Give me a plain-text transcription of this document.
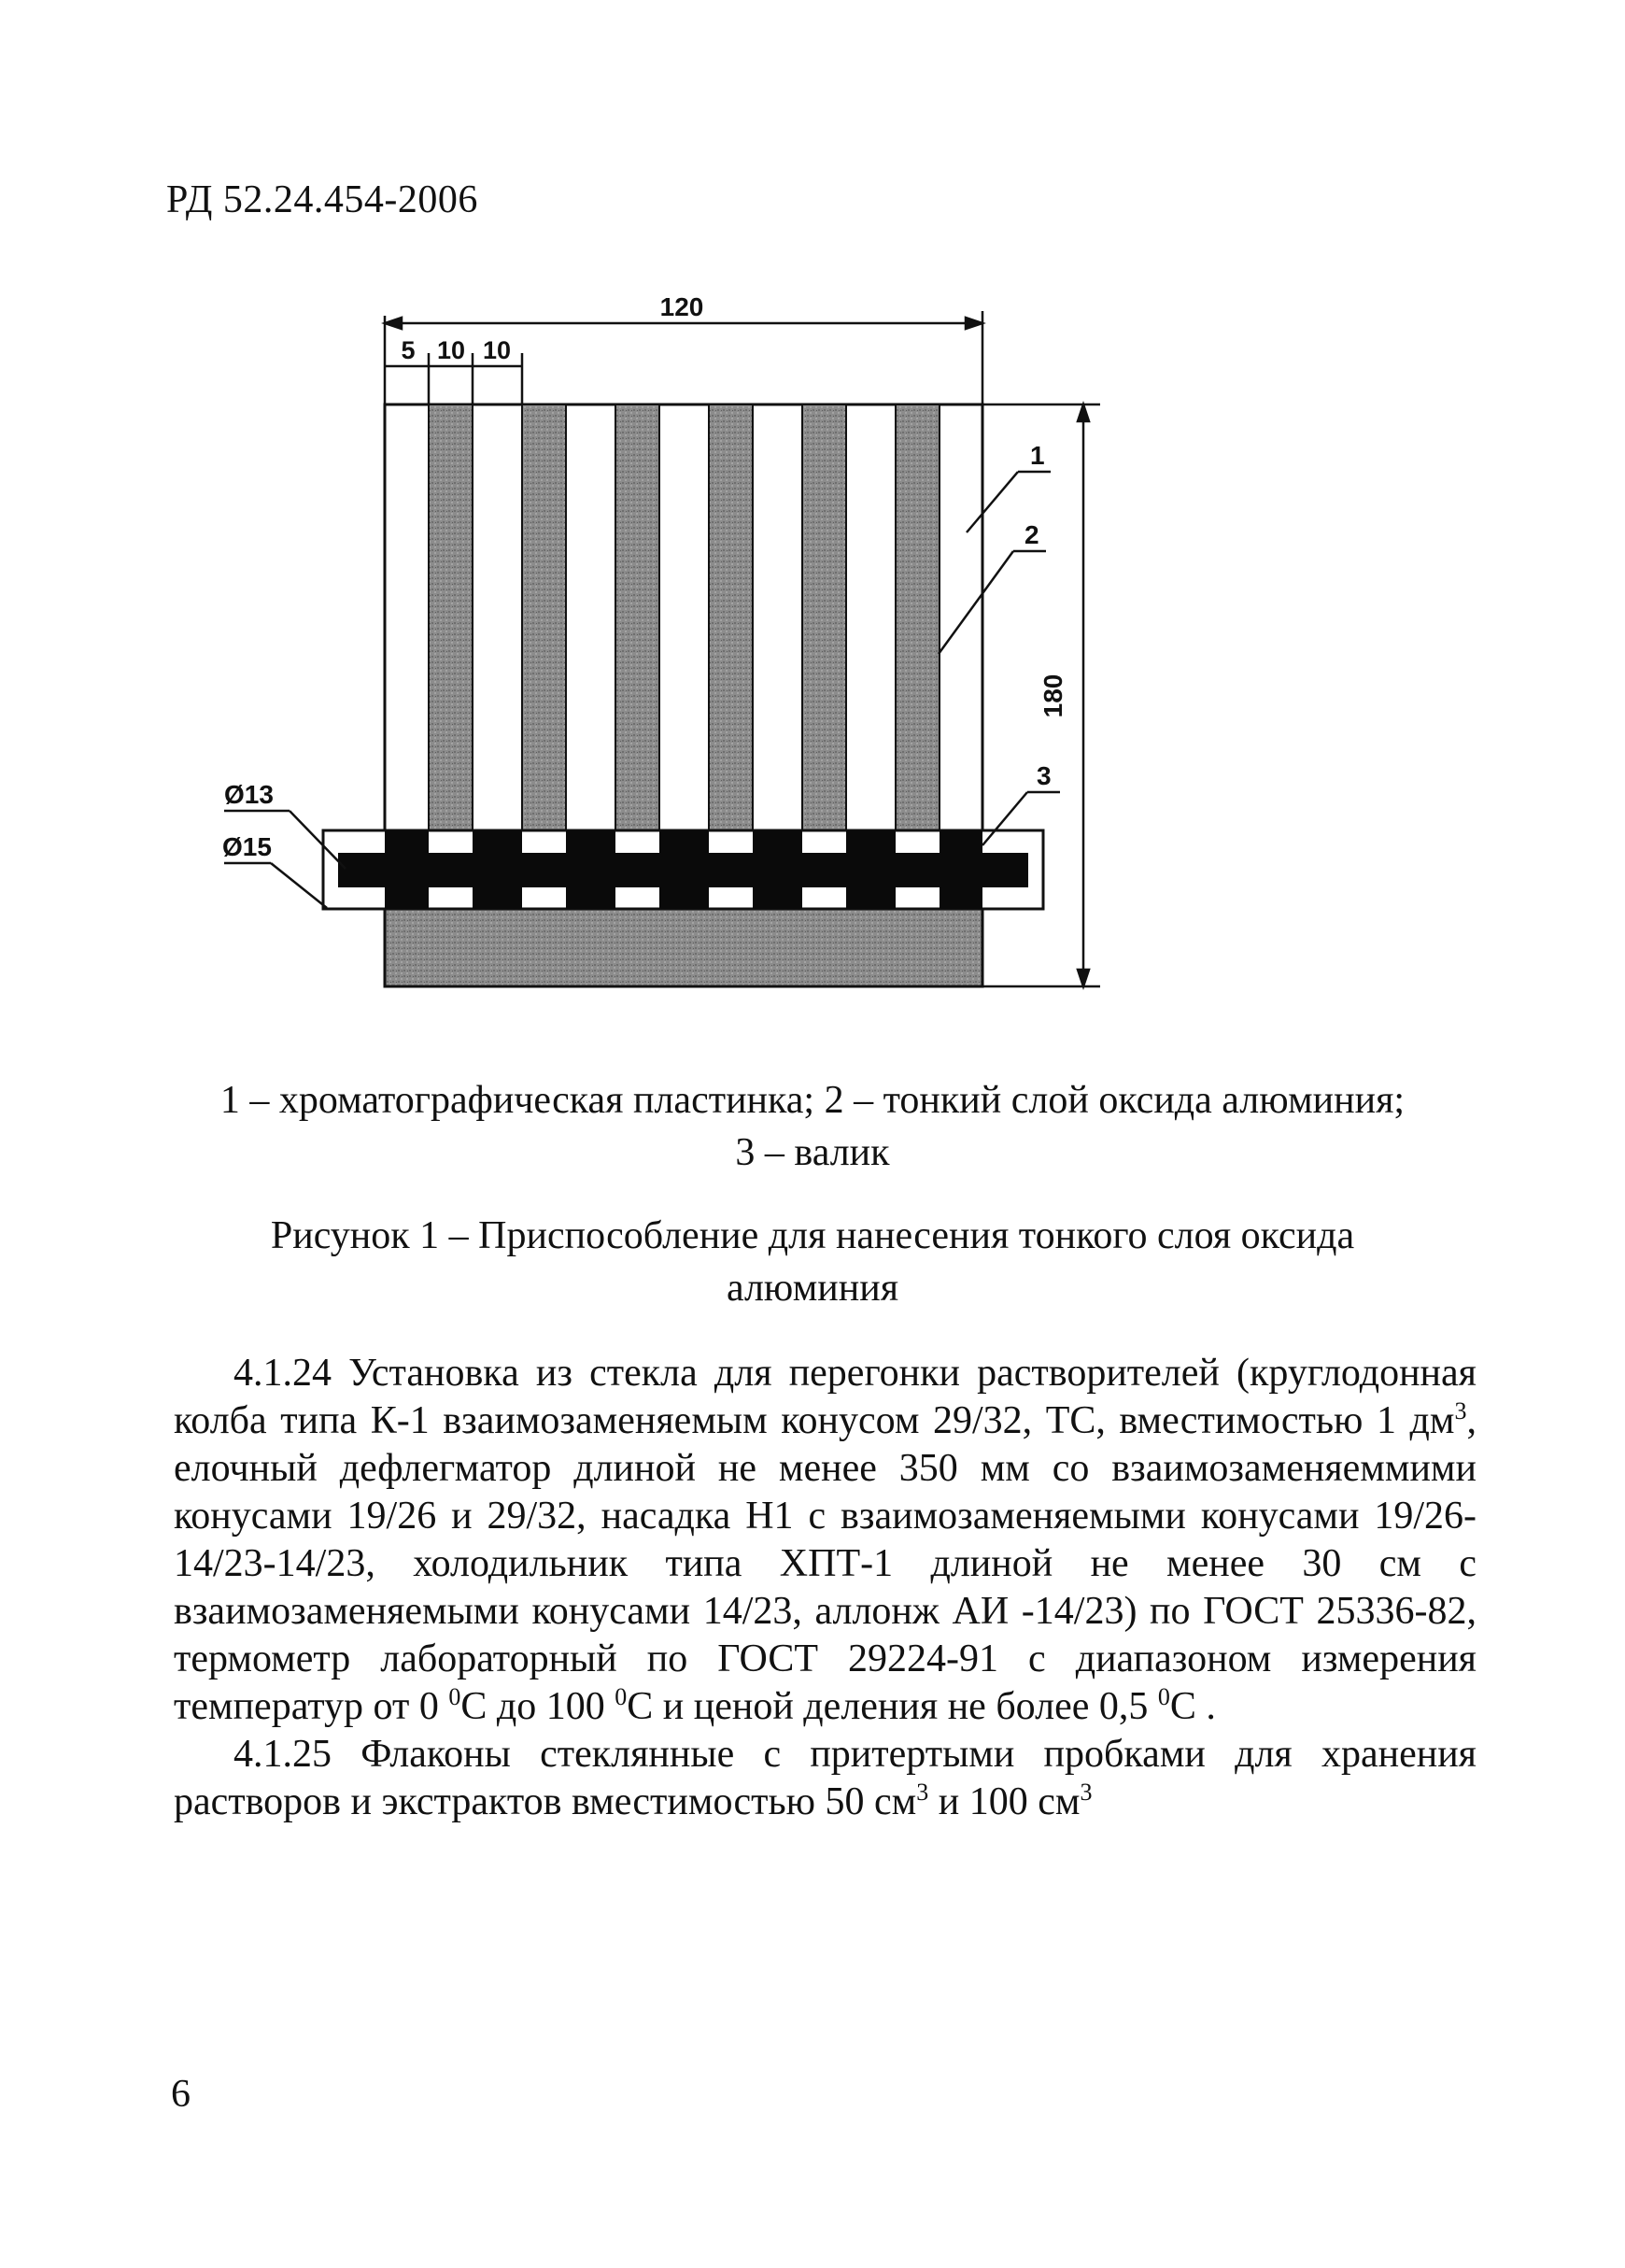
РД 52.24.454-2006
120
5 10 10
180
1
2
3
Ø13
Ø15
1 – хроматографическая пластинка; 2 – тонкий слой оксида алюминия;
3 – валик
Рисунок 1 – Приспособление для нанесения тонкого слоя оксида
алюминия

4.1.24 Установка из стекла для перегонки растворителей (круглодонная колба типа К-1 взаимозаменяемым конусом 29/32, ТС, вместимостью 1 $дм^3$, елочный дефлегматор длиной не менее 350 мм со взаимозаменяеммими конусами 19/26 и 29/32, насадка Н1 с взаимозаменяемыми конусами 19/26-14/23-14/23, холодильник типа ХПТ-1 длиной не менее 30 см с взаимозаменяемыми конусами 14/23, аллонж АИ -14/23) по ГОСТ 25336-82, термометр лабораторный по ГОСТ 29224-91 с диапазоном измерения температур от 0 $^0$С до 100 $^0$С и ценой деления не более 0,5 $^0$С .

4.1.25 Флаконы стеклянные с притертыми пробками для хранения растворов и экстрактов вместимостью 50 $см^3$ и 100 $см^3$

6
